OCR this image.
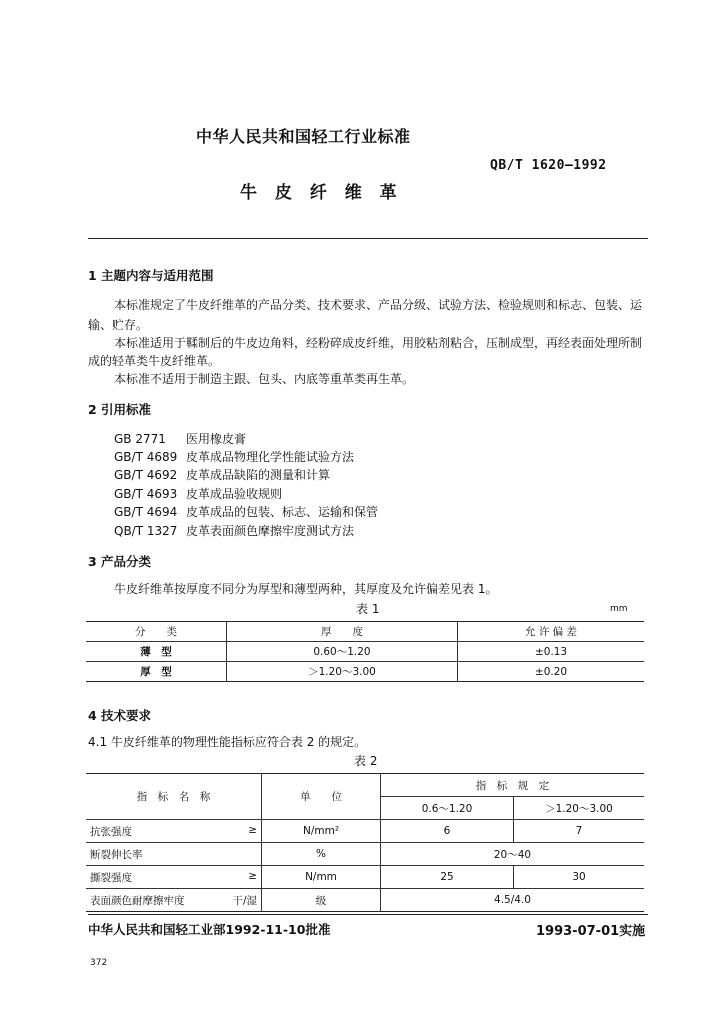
中华人民共和国轻工行业标准
QB/T 1620—1992
牛 皮 纤 维 革
1 主题内容与适用范围
本标准规定了牛皮纤维革的产品分类、技术要求、产品分级、试验方法、检验规则和标志、包装、运
输、贮存。
本标准适用于鞣制后的牛皮边角料，经粉碎成皮纤维，用胶粘剂粘合，压制成型，再经表面处理所制
成的轻革类牛皮纤维革。
本标准不适用于制造主跟、包头、内底等重革类再生革。
2 引用标准
GB 2771 医用橡皮膏
GB/T 4689 皮革成品物理化学性能试验方法
GB/T 4692 皮革成品缺陷的测量和计算
GB/T 4693 皮革成品验收规则
GB/T 4694 皮革成品的包装、标志、运输和保管
QB/T 1327 皮革表面颜色摩擦牢度测试方法
3 产品分类
牛皮纤维革按厚度不同分为厚型和薄型两种，其厚度及允许偏差见表 1。
表 1	mm
分　　类	厚　　度	允 许 偏 差
薄　型	0.60～1.20	±0.13
厚　型	＞1.20～3.00	±0.20
4 技术要求
4.1 牛皮纤维革的物理性能指标应符合表 2 的规定。
表 2
指　标　名　称	单　　位	指　标　规　定	
		0.6～1.20	＞1.20～3.00
抗张强度 ≥	N/mm²	6	7
断裂伸长率	%	20～40	
撕裂强度 ≥	N/mm	25	30
表面颜色耐摩擦牢度 干/湿	级	4.5/4.0	
中华人民共和国轻工业部1992-11-10批准	1993-07-01实施
372
